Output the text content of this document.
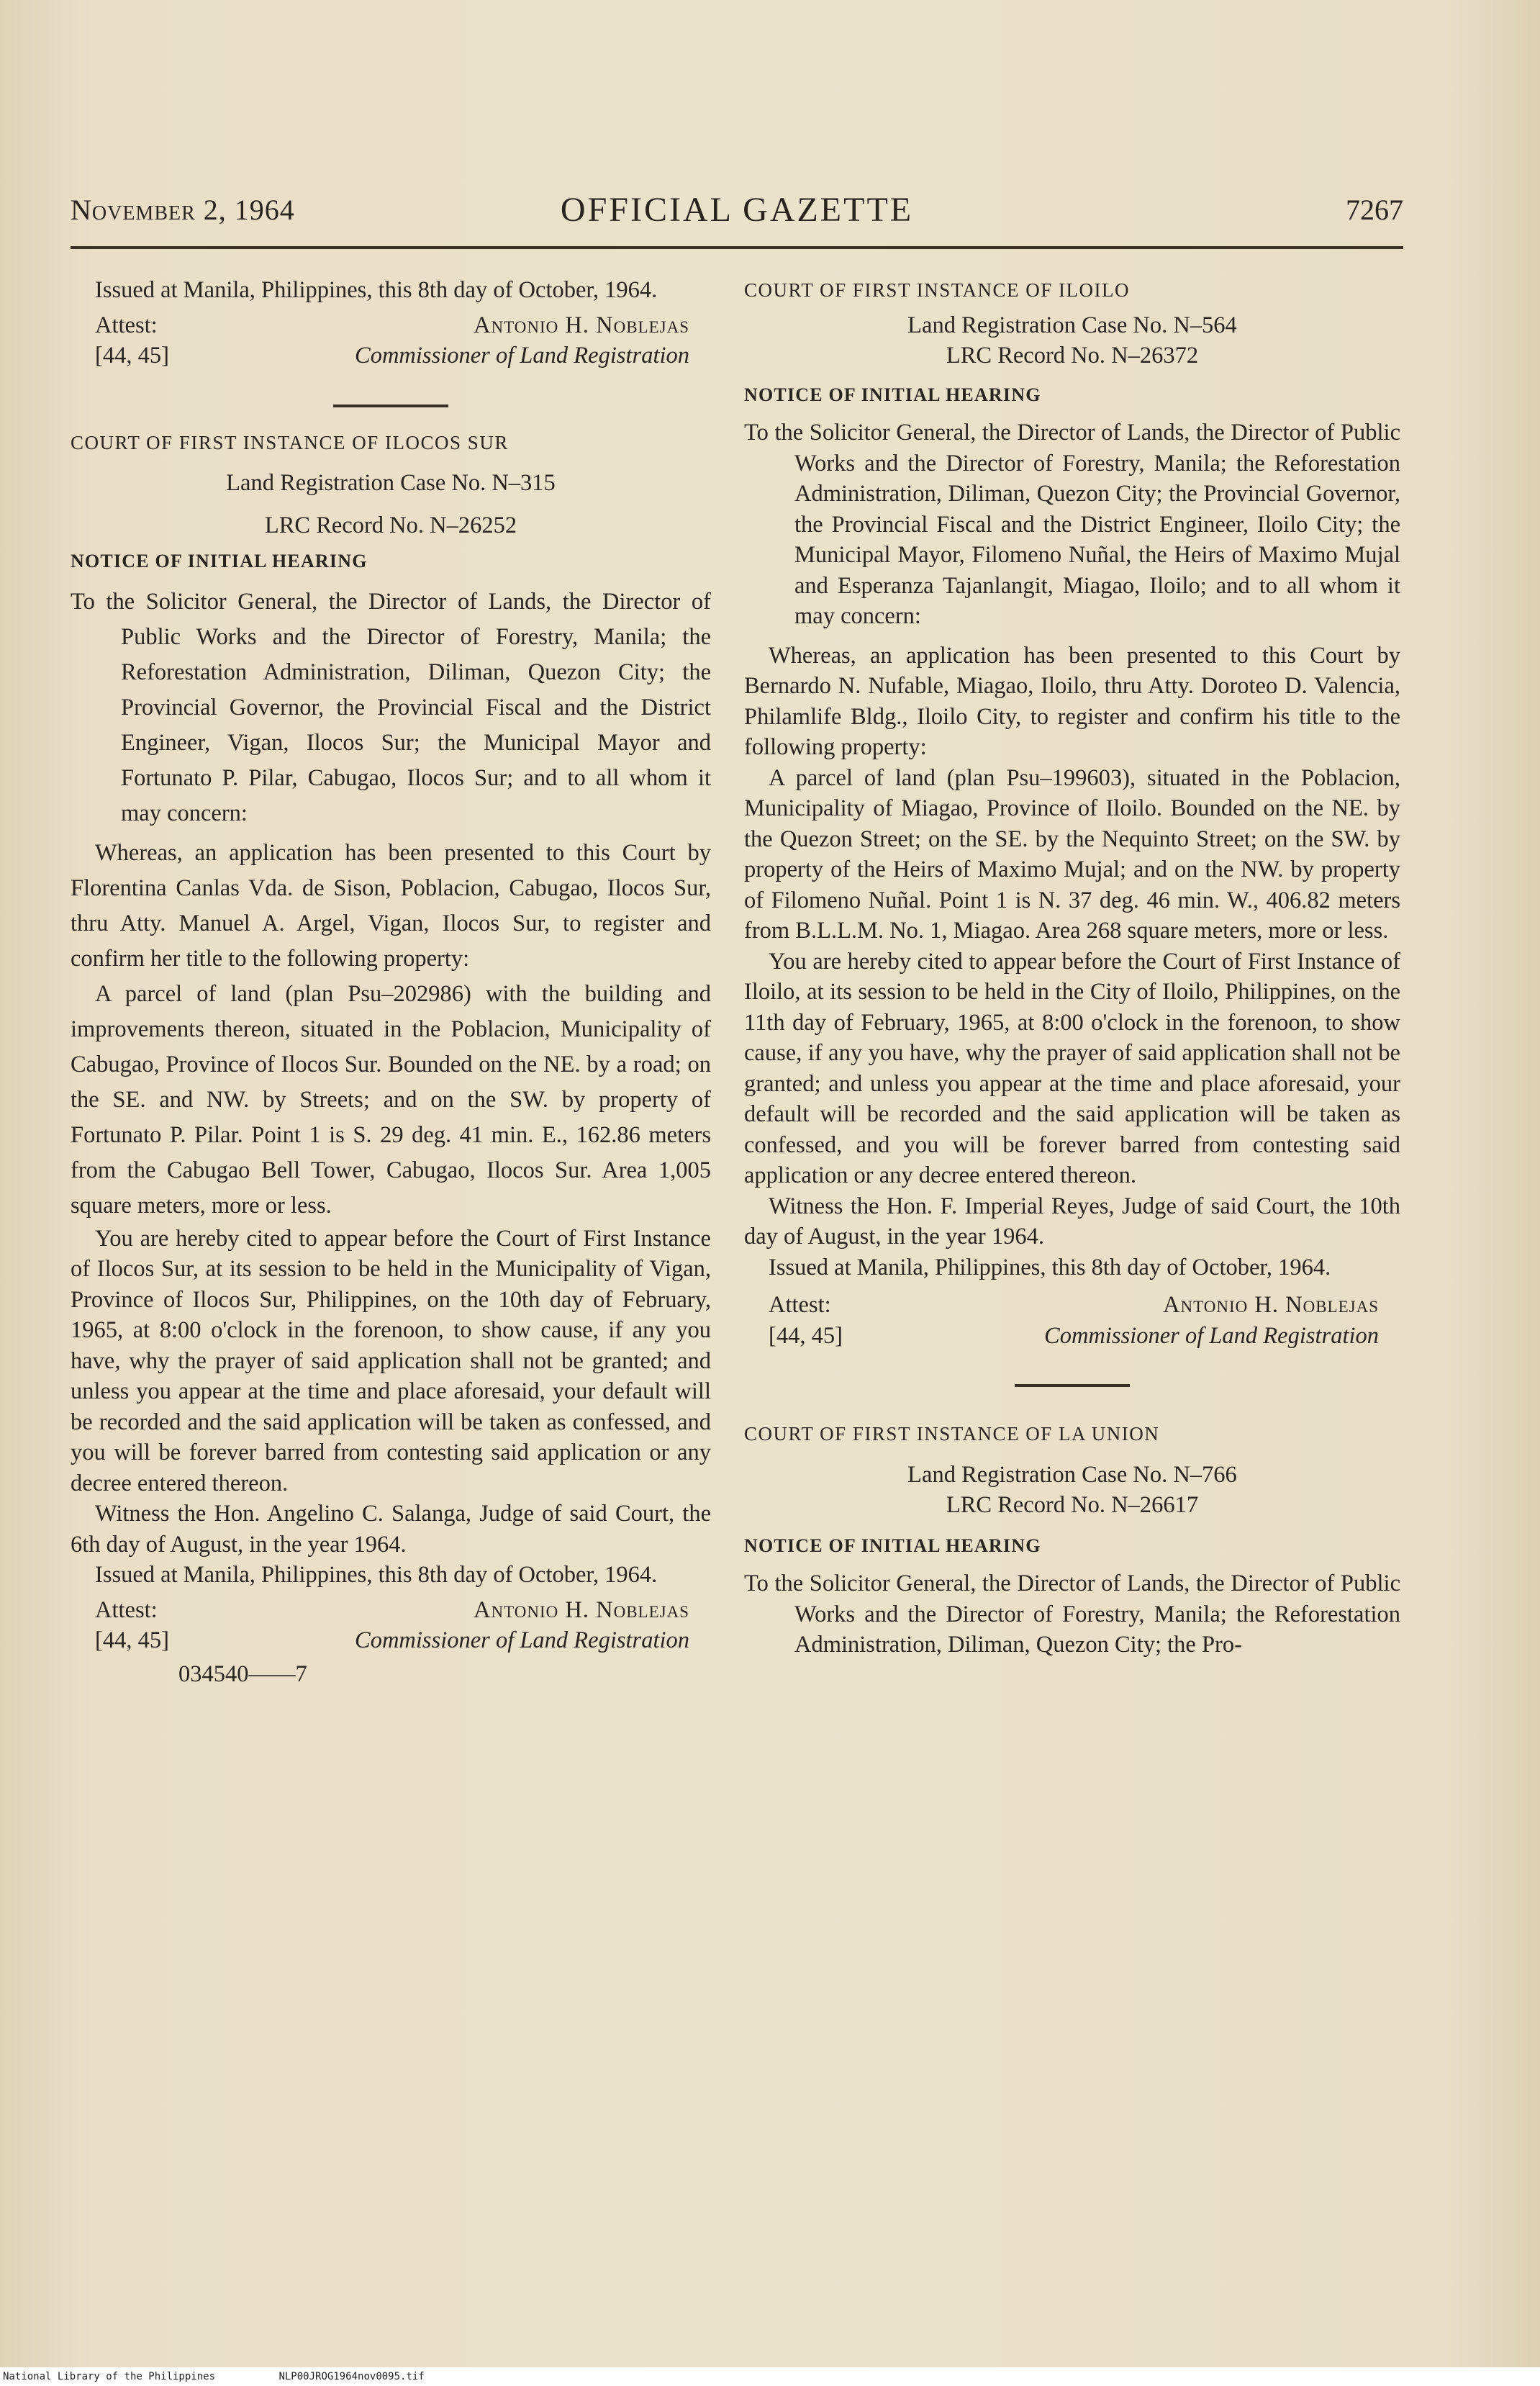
November 2, 1964	OFFICIAL GAZETTE	7267

Issued at Manila, Philippines, this 8th day of October, 1964.

Attest:
[44, 45]
Antonio H. Noblejas
Commissioner of Land Registration

COURT OF FIRST INSTANCE OF ILOCOS SUR

Land Registration Case No. N–315

LRC Record No. N–26252

NOTICE OF INITIAL HEARING

To the Solicitor General, the Director of Lands, the Director of Public Works and the Director of Forestry, Manila; the Reforestation Administration, Diliman, Quezon City; the Provincial Governor, the Provincial Fiscal and the District Engineer, Vigan, Ilocos Sur; the Municipal Mayor and Fortunato P. Pilar, Cabugao, Ilocos Sur; and to all whom it may concern:

Whereas, an application has been presented to this Court by Florentina Canlas Vda. de Sison, Poblacion, Cabugao, Ilocos Sur, thru Atty. Manuel A. Argel, Vigan, Ilocos Sur, to register and confirm her title to the following property:

A parcel of land (plan Psu–202986) with the building and improvements thereon, situated in the Poblacion, Municipality of Cabugao, Province of Ilocos Sur. Bounded on the NE. by a road; on the SE. and NW. by Streets; and on the SW. by property of Fortunato P. Pilar. Point 1 is S. 29 deg. 41 min. E., 162.86 meters from the Cabugao Bell Tower, Cabugao, Ilocos Sur. Area 1,005 square meters, more or less.

You are hereby cited to appear before the Court of First Instance of Ilocos Sur, at its session to be held in the Municipality of Vigan, Province of Ilocos Sur, Philippines, on the 10th day of February, 1965, at 8:00 o'clock in the forenoon, to show cause, if any you have, why the prayer of said application shall not be granted; and unless you appear at the time and place aforesaid, your default will be recorded and the said application will be taken as confessed, and you will be forever barred from contesting said application or any decree entered thereon.

Witness the Hon. Angelino C. Salanga, Judge of said Court, the 6th day of August, in the year 1964.

Issued at Manila, Philippines, this 8th day of October, 1964.

Attest:
[44, 45]
Antonio H. Noblejas
Commissioner of Land Registration
034540——7

COURT OF FIRST INSTANCE OF ILOILO

Land Registration Case No. N–564

LRC Record No. N–26372

NOTICE OF INITIAL HEARING

To the Solicitor General, the Director of Lands, the Director of Public Works and the Director of Forestry, Manila; the Reforestation Administration, Diliman, Quezon City; the Provincial Governor, the Provincial Fiscal and the District Engineer, Iloilo City; the Municipal Mayor, Filomeno Nuñal, the Heirs of Maximo Mujal and Esperanza Tajanlangit, Miagao, Iloilo; and to all whom it may concern:

Whereas, an application has been presented to this Court by Bernardo N. Nufable, Miagao, Iloilo, thru Atty. Doroteo D. Valencia, Philamlife Bldg., Iloilo City, to register and confirm his title to the following property:

A parcel of land (plan Psu–199603), situated in the Poblacion, Municipality of Miagao, Province of Iloilo. Bounded on the NE. by the Quezon Street; on the SE. by the Nequinto Street; on the SW. by property of the Heirs of Maximo Mujal; and on the NW. by property of Filomeno Nuñal. Point 1 is N. 37 deg. 46 min. W., 406.82 meters from B.L.L.M. No. 1, Miagao. Area 268 square meters, more or less.

You are hereby cited to appear before the Court of First Instance of Iloilo, at its session to be held in the City of Iloilo, Philippines, on the 11th day of February, 1965, at 8:00 o'clock in the forenoon, to show cause, if any you have, why the prayer of said application shall not be granted; and unless you appear at the time and place aforesaid, your default will be recorded and the said application will be taken as confessed, and you will be forever barred from contesting said application or any decree entered thereon.

Witness the Hon. F. Imperial Reyes, Judge of said Court, the 10th day of August, in the year 1964.

Issued at Manila, Philippines, this 8th day of October, 1964.

Attest:
[44, 45]
Antonio H. Noblejas
Commissioner of Land Registration

COURT OF FIRST INSTANCE OF LA UNION

Land Registration Case No. N–766

LRC Record No. N–26617

NOTICE OF INITIAL HEARING

To the Solicitor General, the Director of Lands, the Director of Public Works and the Director of Forestry, Manila; the Reforestation Administration, Diliman, Quezon City; the Pro-

National Library of the Philippines	NLP00JROG1964nov0095.tif
